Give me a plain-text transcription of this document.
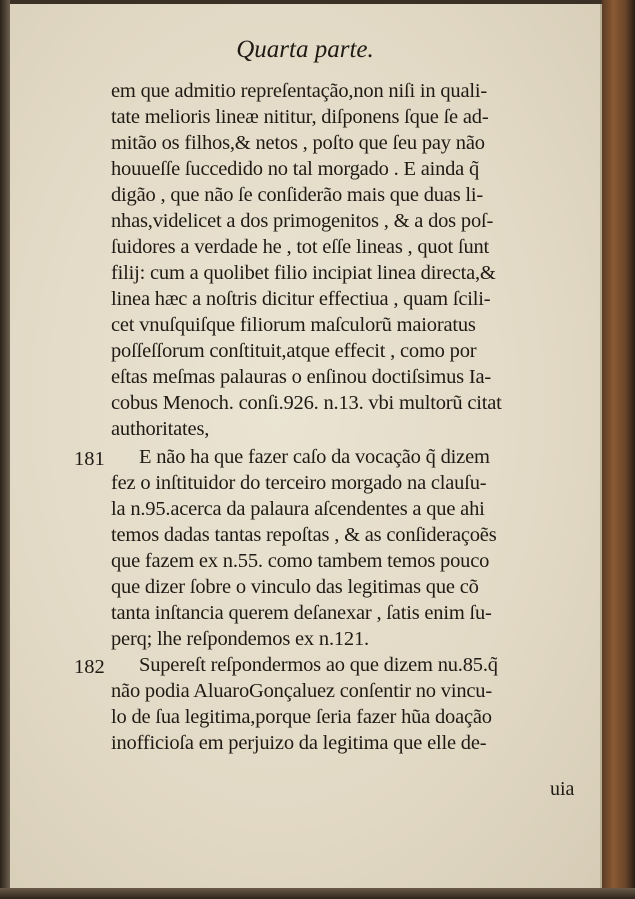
Quarta parte.
em que admitio repreſentação,non niſi in quali-
tate melioris lineæ nititur, diſponens ſque ſe ad-
mitão os filhos,& netos , poſto que ſeu pay não
houueſſe ſuccedido no tal morgado . E ainda q̃
digão , que não ſe conſiderão mais que duas li-
nhas,videlicet a dos primogenitos , & a dos poſ-
ſuidores a verdade he , tot eſſe lineas , quot ſunt
filij: cum a quolibet filio incipiat linea directa,&
linea hæc a noſtris dicitur effectiua , quam ſcili-
cet vnuſquiſque filiorum maſculorũ maioratus
poſſeſſorum conſtituit,atque effecit , como por
eſtas meſmas palauras o enſinou doctiſsimus Ia-
cobus Menoch. conſi.926. n.13. vbi multorũ citat
authoritates,
181 E não ha que fazer caſo da vocação q̃ dizem
fez o inſtituidor do terceiro morgado na clauſu-
la n.95.acerca da palaura aſcendentes a que ahi
temos dadas tantas repoſtas , & as conſideraçoẽs
que fazem ex n.55. como tambem temos pouco
que dizer ſobre o vinculo das legitimas que cõ
tanta inſtancia querem deſanexar , ſatis enim ſu-
perq; lhe reſpondemos ex n.121.
182 Supereſt reſpondermos ao que dizem nu.85.q̃
não podia AluaroGonçaluez conſentir no vincu-
lo de ſua legitima,porque ſeria fazer hũa doação
inofficioſa em perjuizo da legitima que elle de-
uia
